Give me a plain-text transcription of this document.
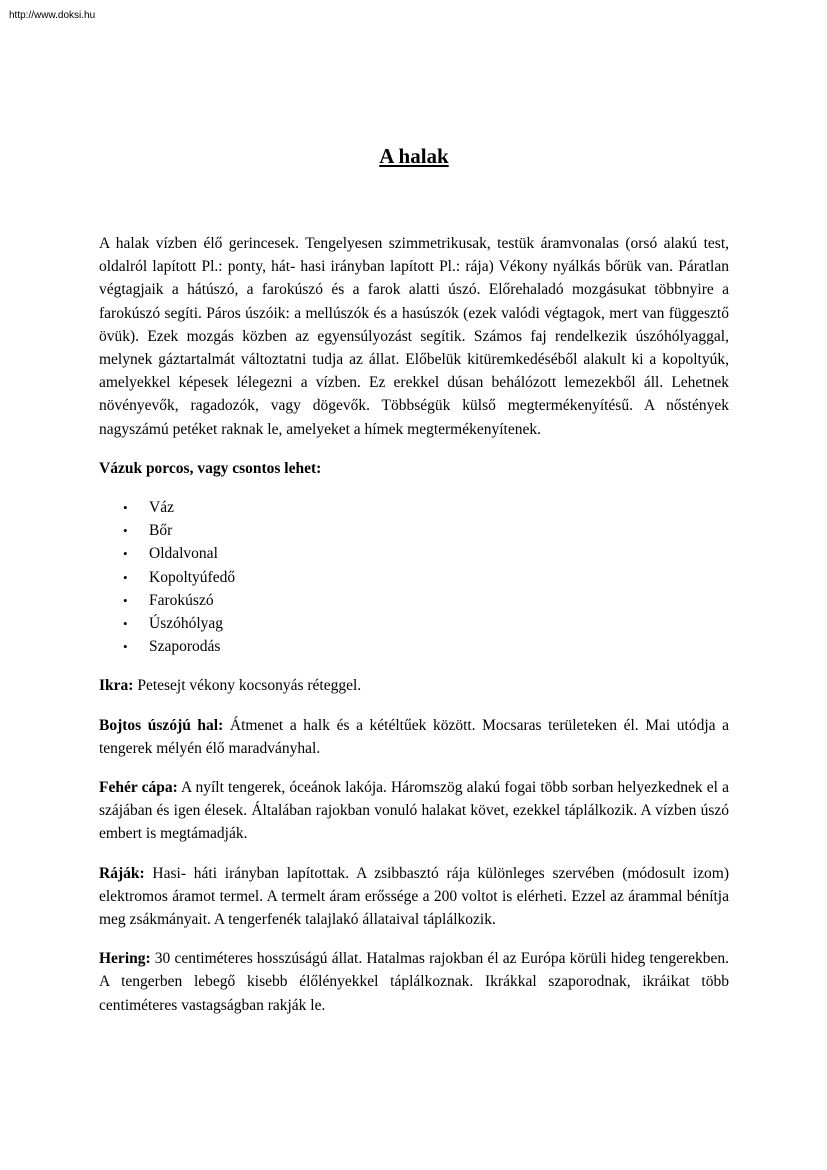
http://www.doksi.hu
A halak

A halak vízben élő gerincesek. Tengelyesen szimmetrikusak, testük áramvonalas (orsó alakú test, oldalról lapított Pl.: ponty, hát- hasi irányban lapított Pl.: rája) Vékony nyálkás bőrük van. Páratlan végtagjaik a hátúszó, a farokúszó és a farok alatti úszó. Előrehaladó mozgásukat többnyire a farokúszó segíti. Páros úszóik: a mellúszók és a hasúszók (ezek valódi végtagok, mert van függesztő övük). Ezek mozgás közben az egyensúlyozást segítik. Számos faj rendelkezik úszóhólyaggal, melynek gáztartalmát változtatni tudja az állat. Előbelük kitüremkedéséből alakult ki a kopoltyúk, amelyekkel képesek lélegezni a vízben. Ez erekkel dúsan behálózott lemezekből áll. Lehetnek növényevők, ragadozók, vagy dögevők. Többségük külső megtermékenyítésű. A nőstények nagyszámú petéket raknak le, amelyeket a hímek megtermékenyítenek.

Vázuk porcos, vagy csontos lehet:

• Váz
• Bőr
• Oldalvonal
• Kopoltyúfedő
• Farokúszó
• Úszóhólyag
• Szaporodás

Ikra: Petesejt vékony kocsonyás réteggel.

Bojtos úszójú hal: Átmenet a halk és a kétéltűek között. Mocsaras területeken él. Mai utódja a tengerek mélyén élő maradványhal.

Fehér cápa: A nyílt tengerek, óceánok lakója. Háromszög alakú fogai több sorban helyezkednek el a szájában és igen élesek. Általában rajokban vonuló halakat követ, ezekkel táplálkozik. A vízben úszó embert is megtámadják.

Ráják: Hasi- háti irányban lapítottak. A zsibbasztó rája különleges szervében (módosult izom) elektromos áramot termel. A termelt áram erőssége a 200 voltot is elérheti. Ezzel az árammal bénítja meg zsákmányait. A tengerfenék talajlakó állataival táplálkozik.

Hering: 30 centiméteres hosszúságú állat. Hatalmas rajokban él az Európa körüli hideg tengerekben. A tengerben lebegő kisebb élőlényekkel táplálkoznak. Ikrákkal szaporodnak, ikráikat több centiméteres vastagságban rakják le.
